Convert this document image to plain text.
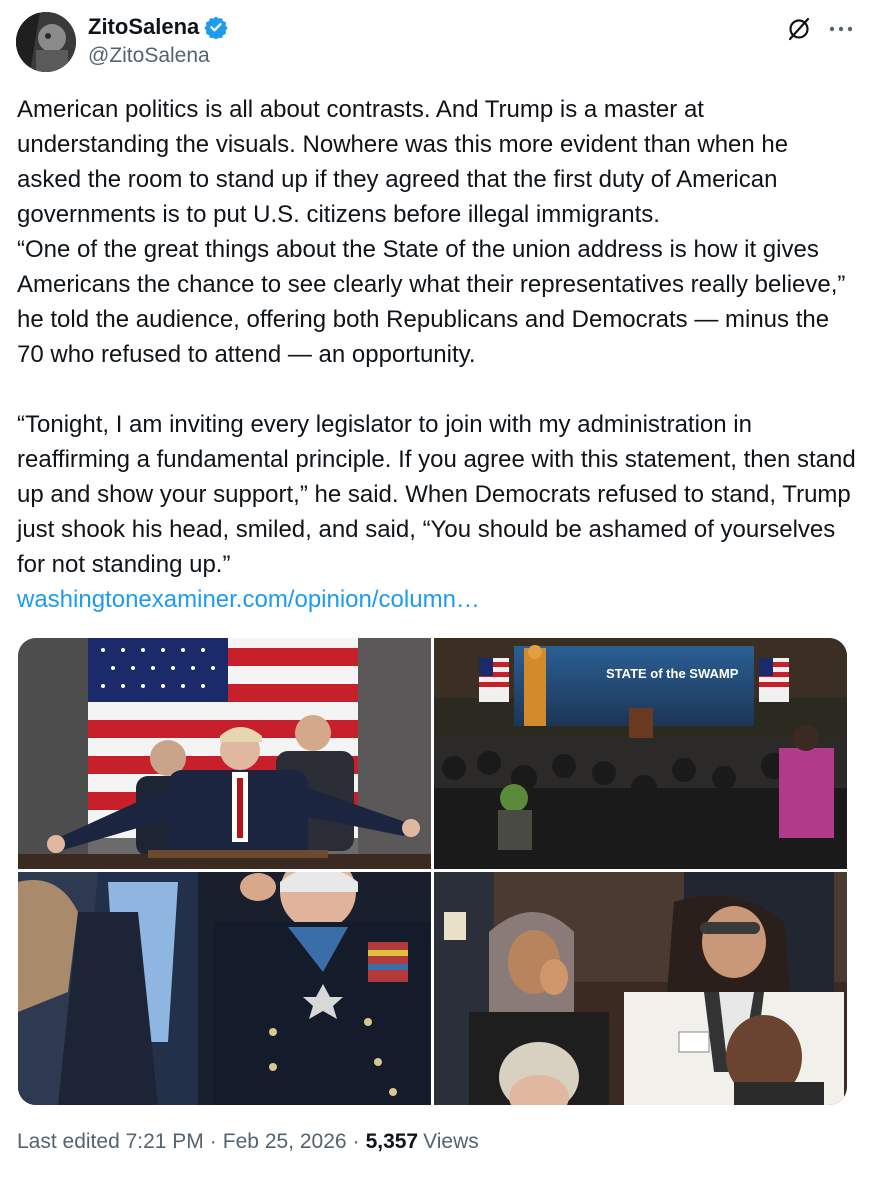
ZitoSalena
@ZitoSalena

American politics is all about contrasts. And Trump is a master at understanding the visuals. Nowhere was this more evident than when he asked the room to stand up if they agreed that the first duty of American governments is to put U.S. citizens before illegal immigrants.

“One of the great things about the State of the union address is how it gives Americans the chance to see clearly what their representatives really believe,” he told the audience, offering both Republicans and Democrats — minus the 70 who refused to attend — an opportunity.

“Tonight, I am inviting every legislator to join with my administration in reaffirming a fundamental principle. If you agree with this statement, then stand up and show your support,” he said. When Democrats refused to stand, Trump just shook his head, smiled, and said, “You should be ashamed of yourselves for not standing up.”

washingtonexaminer.com/opinion/column…

STATE of the SWAMP
Last edited 7:21 PM · Feb 25, 2026 · 5,357 Views
